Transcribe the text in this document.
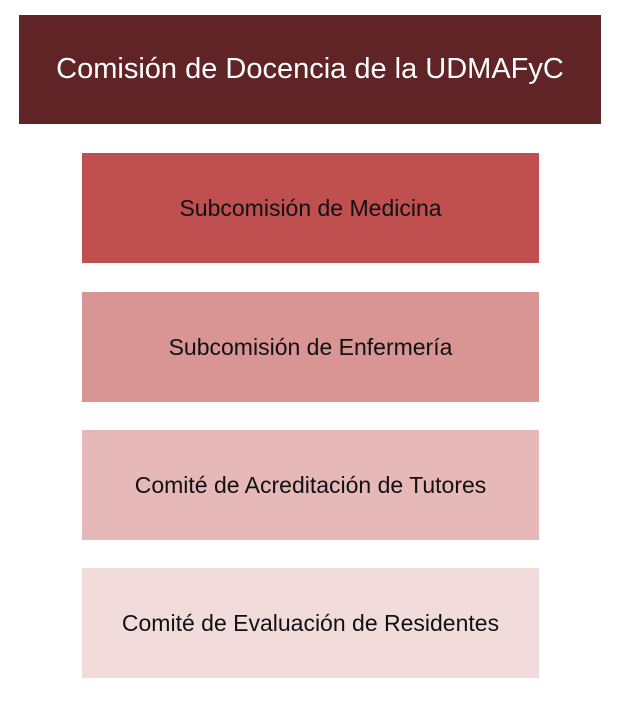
Comisión de Docencia de la UDMAFyC
Subcomisión de Medicina
Subcomisión de Enfermería
Comité de Acreditación de Tutores
Comité de Evaluación de Residentes
